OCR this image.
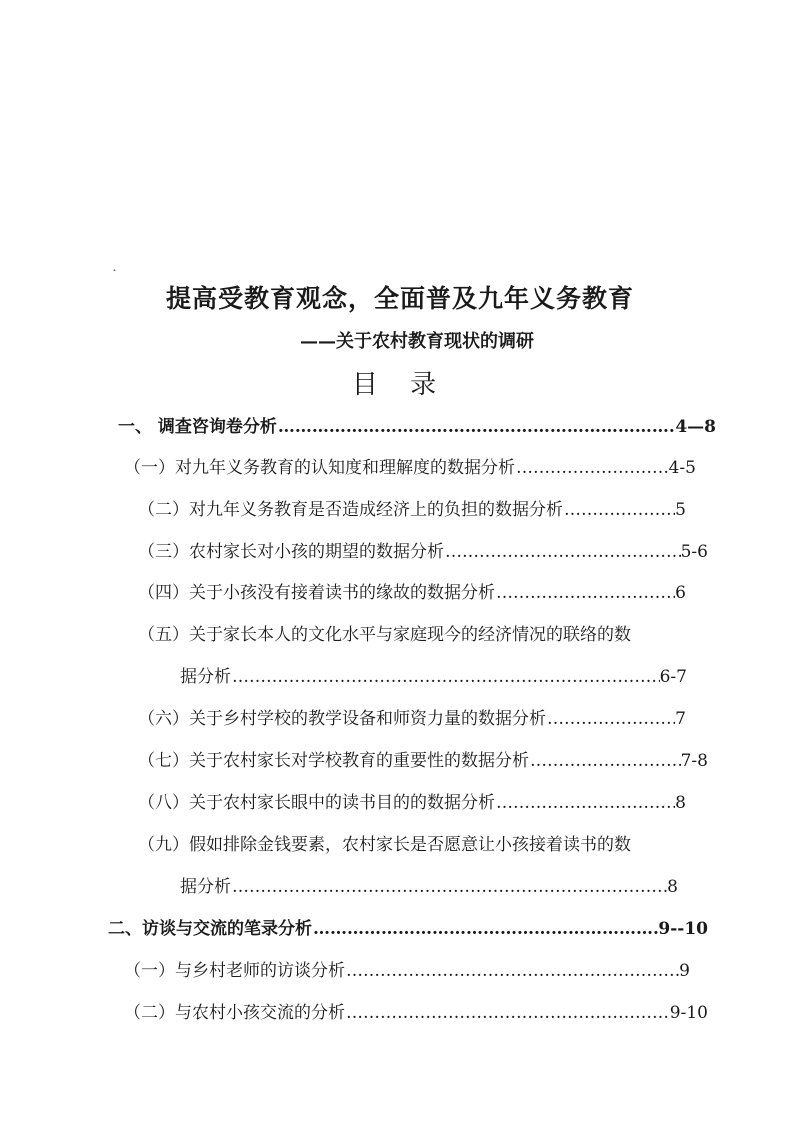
˛
提高受教育观念，全面普及九年义务教育
——关于农村教育现状的调研
目 录
一、 调查咨询卷分析 ……………………………………………………………………………………………………………………………………………………………………	4—8
（一）对九年义务教育的认知度和理解度的数据分析 ……………………………………………………………………………………………………………………………………………………………………	4-5
（二）对九年义务教育是否造成经济上的负担的数据分析 ……………………………………………………………………………………………………………………………………………………………………	5
（三）农村家长对小孩的期望的数据分析 ……………………………………………………………………………………………………………………………………………………………………	5-6
（四）关于小孩没有接着读书的缘故的数据分析 ……………………………………………………………………………………………………………………………………………………………………	6
（五）关于家长本人的文化水平与家庭现今的经济情况的联络的数
据分析 ……………………………………………………………………………………………………………………………………………………………………	6-7
（六）关于乡村学校的教学设备和师资力量的数据分析 ……………………………………………………………………………………………………………………………………………………………………	7
（七）关于农村家长对学校教育的重要性的数据分析 ……………………………………………………………………………………………………………………………………………………………………	7-8
（八）关于农村家长眼中的读书目的的数据分析 ……………………………………………………………………………………………………………………………………………………………………	8
（九）假如排除金钱要素，农村家长是否愿意让小孩接着读书的数
据分析 ……………………………………………………………………………………………………………………………………………………………………	8
二、访谈与交流的笔录分析 ……………………………………………………………………………………………………………………………………………………………………	9--10
（一）与乡村老师的访谈分析 ……………………………………………………………………………………………………………………………………………………………………	9
（二）与农村小孩交流的分析 ……………………………………………………………………………………………………………………………………………………………………	9-10
